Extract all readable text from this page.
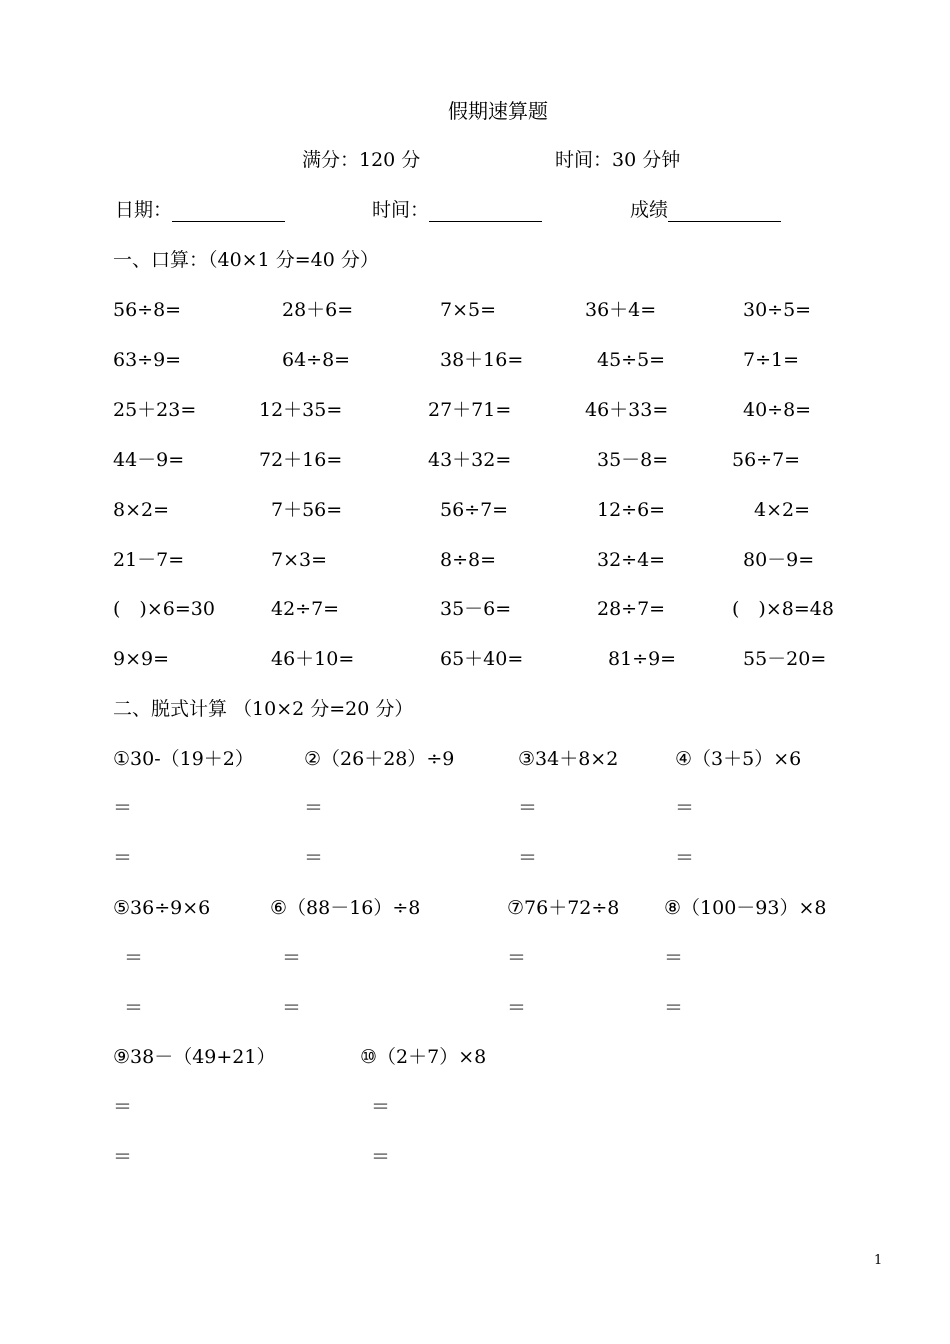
假期速算题
满分：120 分	时间：30 分钟
日期：	时间：	成绩
一、口算：（40×1 分=40 分）
56÷8=	28＋6=	7×5=	36＋4=	30÷5=
63÷9=	64÷8=	38＋16=	45÷5=	7÷1=
25＋23=	12＋35=	27＋71=	46＋33=	40÷8=
44－9=	72＋16=	43＋32=	35－8=	56÷7=
8×2=	7＋56=	56÷7=	12÷6=	4×2=
21－7=	7×3=	8÷8=	32÷4=	80－9=
(　)×6=30	42÷7=	35－6=	28÷7=	(　)×8=48
9×9=	46＋10=	65＋40=	81÷9=	55－20=
二、脱式计算 （10×2 分=20 分）
①30-（19＋2）	②（26＋28）÷9	③34＋8×2	④（3＋5）×6
＝	＝	＝	＝
＝	＝	＝	＝
⑤36÷9×6	⑥（88－16）÷8	⑦76＋72÷8 ⑧（100－93）×8
＝	＝	＝	＝
＝	＝	＝	＝
⑨38－（49+21）	⑩（2＋7）×8
＝	＝
＝	＝
1
